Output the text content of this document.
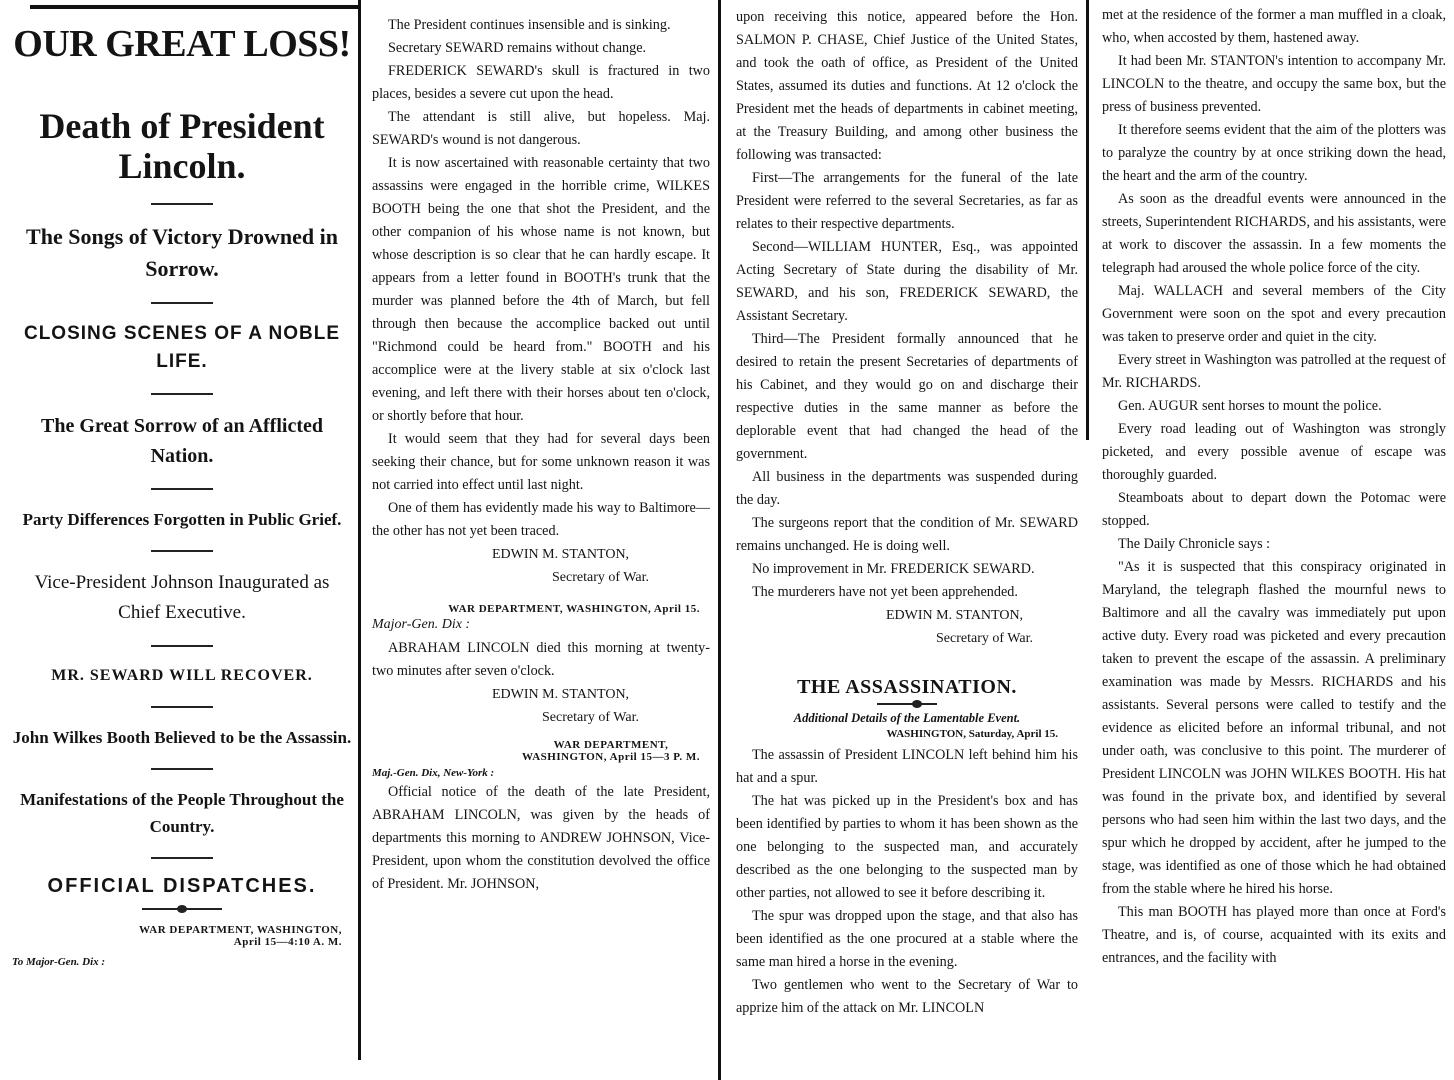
OUR GREAT LOSS!
Death of President Lincoln.
The Songs of Victory Drowned in Sorrow.
CLOSING SCENES OF A NOBLE LIFE.
The Great Sorrow of an Afflicted Nation.
Party Differences Forgotten in Public Grief.
Vice-President Johnson Inaugurated as Chief Executive.
MR. SEWARD WILL RECOVER.
John Wilkes Booth Believed to be the Assassin.
Manifestations of the People Throughout the Country.
OFFICIAL DISPATCHES.
WAR DEPARTMENT, WASHINGTON,
April 15—4:10 A. M.
To Major-Gen. Dix :

The President continues insensible and is sinking.

Secretary SEWARD remains without change.

FREDERICK SEWARD's skull is fractured in two places, besides a severe cut upon the head.

The attendant is still alive, but hopeless. Maj. SEWARD's wound is not dangerous.

It is now ascertained with reasonable certainty that two assassins were engaged in the horrible crime, WILKES BOOTH being the one that shot the President, and the other companion of his whose name is not known, but whose description is so clear that he can hardly escape. It appears from a letter found in BOOTH's trunk that the murder was planned before the 4th of March, but fell through then because the accomplice backed out until "Richmond could be heard from." BOOTH and his accomplice were at the livery stable at six o'clock last evening, and left there with their horses about ten o'clock, or shortly before that hour.

It would seem that they had for several days been seeking their chance, but for some unknown reason it was not carried into effect until last night.

One of them has evidently made his way to Baltimore—the other has not yet been traced.

EDWIN M. STANTON,
Secretary of War.
WAR DEPARTMENT, WASHINGTON, April 15.
Major-Gen. Dix :

ABRAHAM LINCOLN died this morning at twenty-two minutes after seven o'clock.

EDWIN M. STANTON,
Secretary of War.
WAR DEPARTMENT,
WASHINGTON, April 15—3 P. M.
Maj.-Gen. Dix, New-York :

Official notice of the death of the late President, ABRAHAM LINCOLN, was given by the heads of departments this morning to ANDREW JOHNSON, Vice-President, upon whom the constitution devolved the office of President. Mr. JOHNSON,

upon receiving this notice, appeared before the Hon. SALMON P. CHASE, Chief Justice of the United States, and took the oath of office, as President of the United States, assumed its duties and functions. At 12 o'clock the President met the heads of departments in cabinet meeting, at the Treasury Building, and among other business the following was transacted:

First—The arrangements for the funeral of the late President were referred to the several Secretaries, as far as relates to their respective departments.

Second—WILLIAM HUNTER, Esq., was appointed Acting Secretary of State during the disability of Mr. SEWARD, and his son, FREDERICK SEWARD, the Assistant Secretary.

Third—The President formally announced that he desired to retain the present Secretaries of departments of his Cabinet, and they would go on and discharge their respective duties in the same manner as before the deplorable event that had changed the head of the government.

All business in the departments was suspended during the day.

The surgeons report that the condition of Mr. SEWARD remains unchanged. He is doing well.

No improvement in Mr. FREDERICK SEWARD.

The murderers have not yet been apprehended.

EDWIN M. STANTON,
Secretary of War.
THE ASSASSINATION.
Additional Details of the Lamentable Event.
WASHINGTON, Saturday, April 15.

The assassin of President LINCOLN left behind him his hat and a spur.

The hat was picked up in the President's box and has been identified by parties to whom it has been shown as the one belonging to the suspected man, and accurately described as the one belonging to the suspected man by other parties, not allowed to see it before describing it.

The spur was dropped upon the stage, and that also has been identified as the one procured at a stable where the same man hired a horse in the evening.

Two gentlemen who went to the Secretary of War to apprize him of the attack on Mr. LINCOLN

met at the residence of the former a man muffled in a cloak, who, when accosted by them, hastened away.

It had been Mr. STANTON's intention to accompany Mr. LINCOLN to the theatre, and occupy the same box, but the press of business prevented.

It therefore seems evident that the aim of the plotters was to paralyze the country by at once striking down the head, the heart and the arm of the country.

As soon as the dreadful events were announced in the streets, Superintendent RICHARDS, and his assistants, were at work to discover the assassin. In a few moments the telegraph had aroused the whole police force of the city.

Maj. WALLACH and several members of the City Government were soon on the spot and every precaution was taken to preserve order and quiet in the city.

Every street in Washington was patrolled at the request of Mr. RICHARDS.

Gen. AUGUR sent horses to mount the police.

Every road leading out of Washington was strongly picketed, and every possible avenue of escape was thoroughly guarded.

Steamboats about to depart down the Potomac were stopped.

The Daily Chronicle says :

"As it is suspected that this conspiracy originated in Maryland, the telegraph flashed the mournful news to Baltimore and all the cavalry was immediately put upon active duty. Every road was picketed and every precaution taken to prevent the escape of the assassin. A preliminary examination was made by Messrs. RICHARDS and his assistants. Several persons were called to testify and the evidence as elicited before an informal tribunal, and not under oath, was conclusive to this point. The murderer of President LINCOLN was JOHN WILKES BOOTH. His hat was found in the private box, and identified by several persons who had seen him within the last two days, and the spur which he dropped by accident, after he jumped to the stage, was identified as one of those which he had obtained from the stable where he hired his horse.

This man BOOTH has played more than once at Ford's Theatre, and is, of course, acquainted with its exits and entrances, and the facility with
